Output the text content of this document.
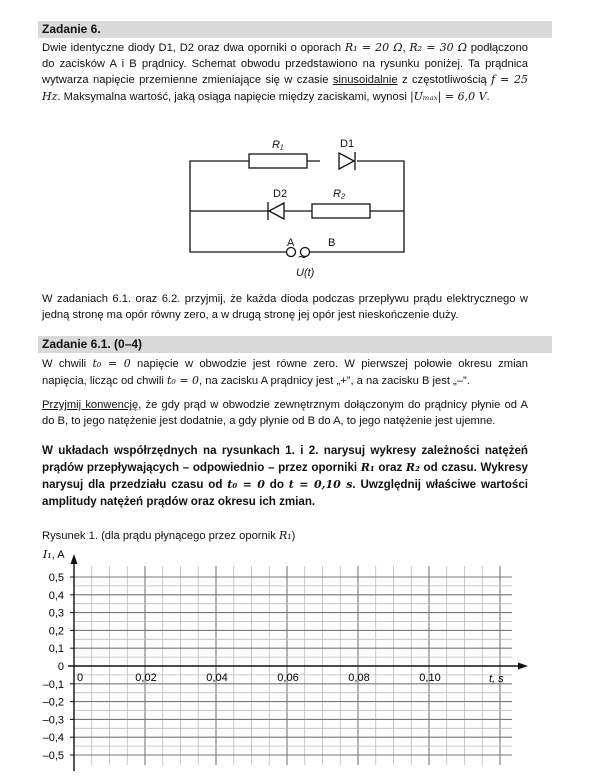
Zadanie 6.
Dwie identyczne diody D1, D2 oraz dwa oporniki o oporach R₁ = 20 Ω, R₂ = 30 Ω podłączono do zacisków A i B prądnicy. Schemat obwodu przedstawiono na rysunku poniżej. Ta prądnica wytwarza napięcie przemienne zmieniające się w czasie sinusoidalnie z częstotliwością f = 25 Hz. Maksymalna wartość, jaką osiąga napięcie między zaciskami, wynosi |Uₘₐₓ| = 6,0 V.
R₁	D1
D2	R₂
A	B
~
U(t)
W zadaniach 6.1. oraz 6.2. przyjmij, że każda dioda podczas przepływu prądu elektrycznego w jedną stronę ma opór równy zero, a w drugą stronę jej opór jest nieskończenie duży.
Zadanie 6.1. (0–4)
W chwili t₀ = 0 napięcie w obwodzie jest równe zero. W pierwszej połowie okresu zmian napięcia, licząc od chwili t₀ = 0, na zacisku A prądnicy jest „+”, a na zacisku B jest „–”.
Przyjmij konwencję, że gdy prąd w obwodzie zewnętrznym dołączonym do prądnicy płynie od A do B, to jego natężenie jest dodatnie, a gdy płynie od B do A, to jego natężenie jest ujemne.
W układach współrzędnych na rysunkach 1. i 2. narysuj wykresy zależności natężeń prądów przepływających – odpowiednio – przez oporniki R₁ oraz R₂ od czasu. Wykresy narysuj dla przedziału czasu od t₀ = 0 do t = 0,10 s. Uwzględnij właściwe wartości amplitudy natężeń prądów oraz okresu ich zmian.
Rysunek 1. (dla prądu płynącego przez opornik R₁)
0,5
0,4
0,3
0,2
0,1
0
–0,1
–0,2
–0,3
–0,4
–0,5
0	0,02	0,04	0,06	0,08	0,10
I₁, A
t, s
